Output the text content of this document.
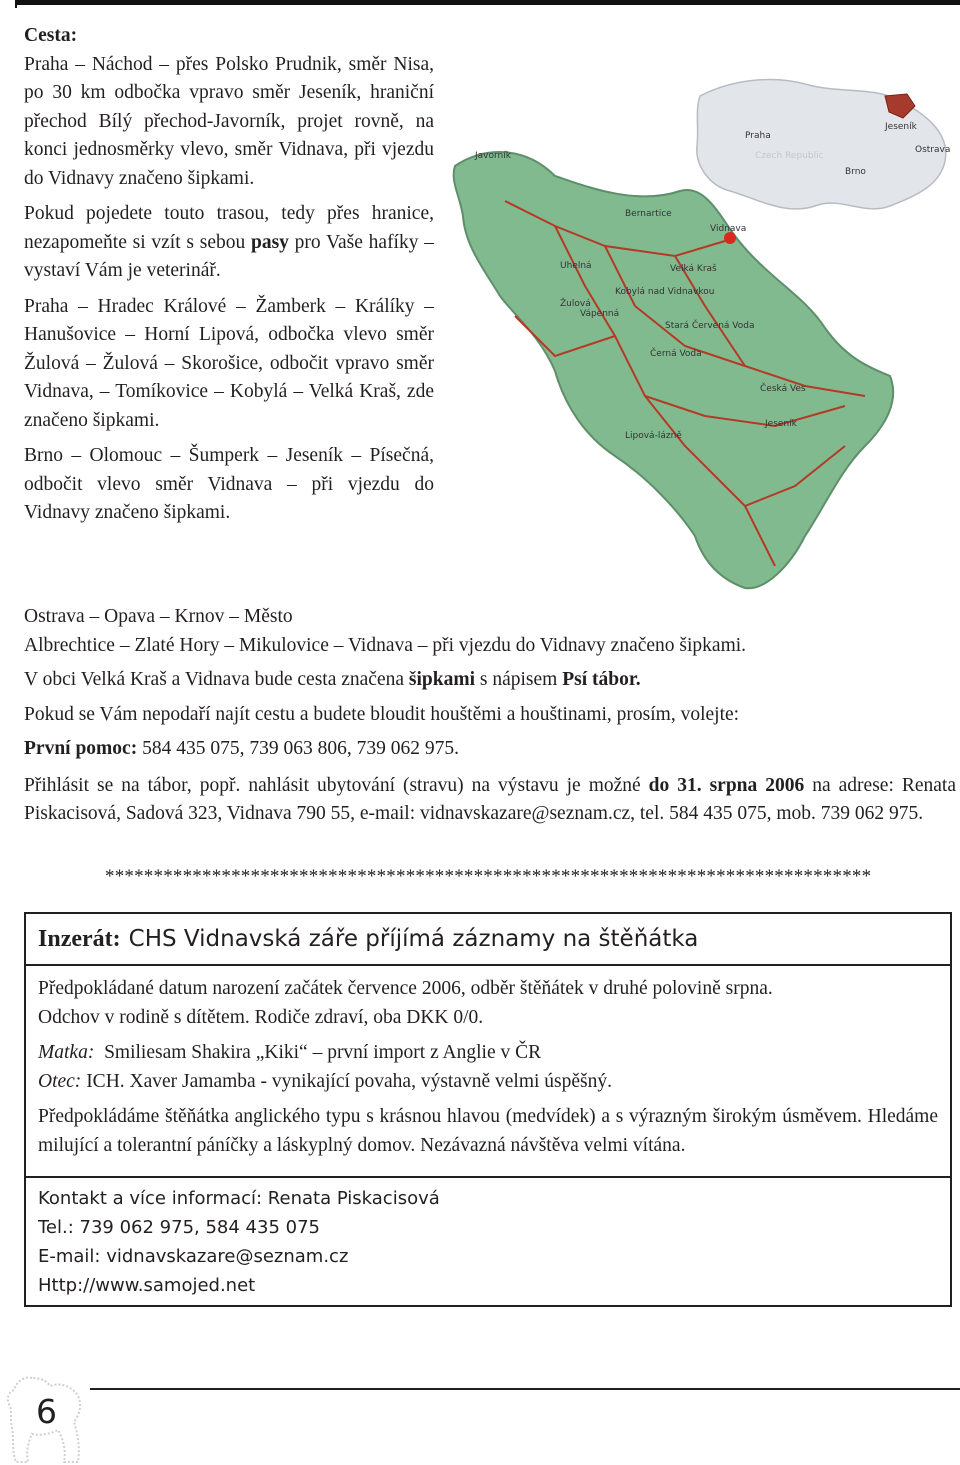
Cesta:

Praha – Náchod – přes Polsko Prudnik, směr Nisa, po 30 km odbočka vpravo směr Jeseník, hraniční přechod Bílý přechod-Javorník, projet rovně, na konci jednosměrky vlevo, směr Vidnava, při vjezdu do Vidnavy značeno šipkami.

Pokud pojedete touto trasou, tedy přes hranice, nezapomeňte si vzít s sebou pasy pro Vaše hafíky – vystaví Vám je veterinář.

Praha – Hradec Králové – Žamberk – Králíky – Hanušovice – Horní Lipová, odbočka vlevo směr Žulová – Žulová – Skorošice, odbočit vpravo směr Vidnava, – Tomíkovice – Kobylá – Velká Kraš, zde značeno šipkami.

Brno – Olomouc – Šumperk – Jeseník – Písečná, odbočit vlevo směr Vidnava – při vjezdu do Vidnavy značeno šipkami.

Praha
Jeseník
Ostrava
Brno
Czech Republic
Javorník
Bernartice
Vidnava
Uhelná	Velká Kraš
Žulová
Kobylá nad Vidnavkou
Vápenná
Stará Červená Voda
Černá Voda
Lipová-lázně
Česká Ves
Jeseník

Ostrava – Opava – Krnov – Město

Albrechtice – Zlaté Hory – Mikulovice – Vidnava – při vjezdu do Vidnavy značeno šipkami.

V obci Velká Kraš a Vidnava bude cesta značena šipkami s nápisem Psí tábor.

Pokud se Vám nepodaří najít cestu a budete bloudit houštěmi a houštinami, prosím, volejte:

První pomoc: 584 435 075, 739 063 806, 739 062 975.

Přihlásit se na tábor, popř. nahlásit ubytování (stravu) na výstavu je možné do 31. srpna 2006 na adrese: Renata Piskacisová, Sadová 323, Vidnava 790 55, e-mail: vidnavskazare@seznam.cz, tel. 584 435 075, mob. 739 062 975.

*******************************************************************************
Inzerát: CHS Vidnavská záře příjímá záznamy na štěňátka

Předpokládané datum narození začátek července 2006, odběr štěňátek v druhé polovině srpna.

Odchov v rodině s dítětem. Rodiče zdraví, oba DKK 0/0.

Matka: Smiliesam Shakira „Kiki“ – první import z Anglie v ČR

Otec: ICH. Xaver Jamamba - vynikající povaha, výstavně velmi úspěšný.

Předpokládáme štěňátka anglického typu s krásnou hlavou (medvídek) a s výrazným širokým úsměvem. Hledáme milující a tolerantní páníčky a láskyplný domov. Nezávazná návštěva velmi vítána.

Kontakt a více informací: Renata Piskacisová
Tel.: 739 062 975, 584 435 075
E-mail: vidnavskazare@seznam.cz
Http://www.samojed.net
6
